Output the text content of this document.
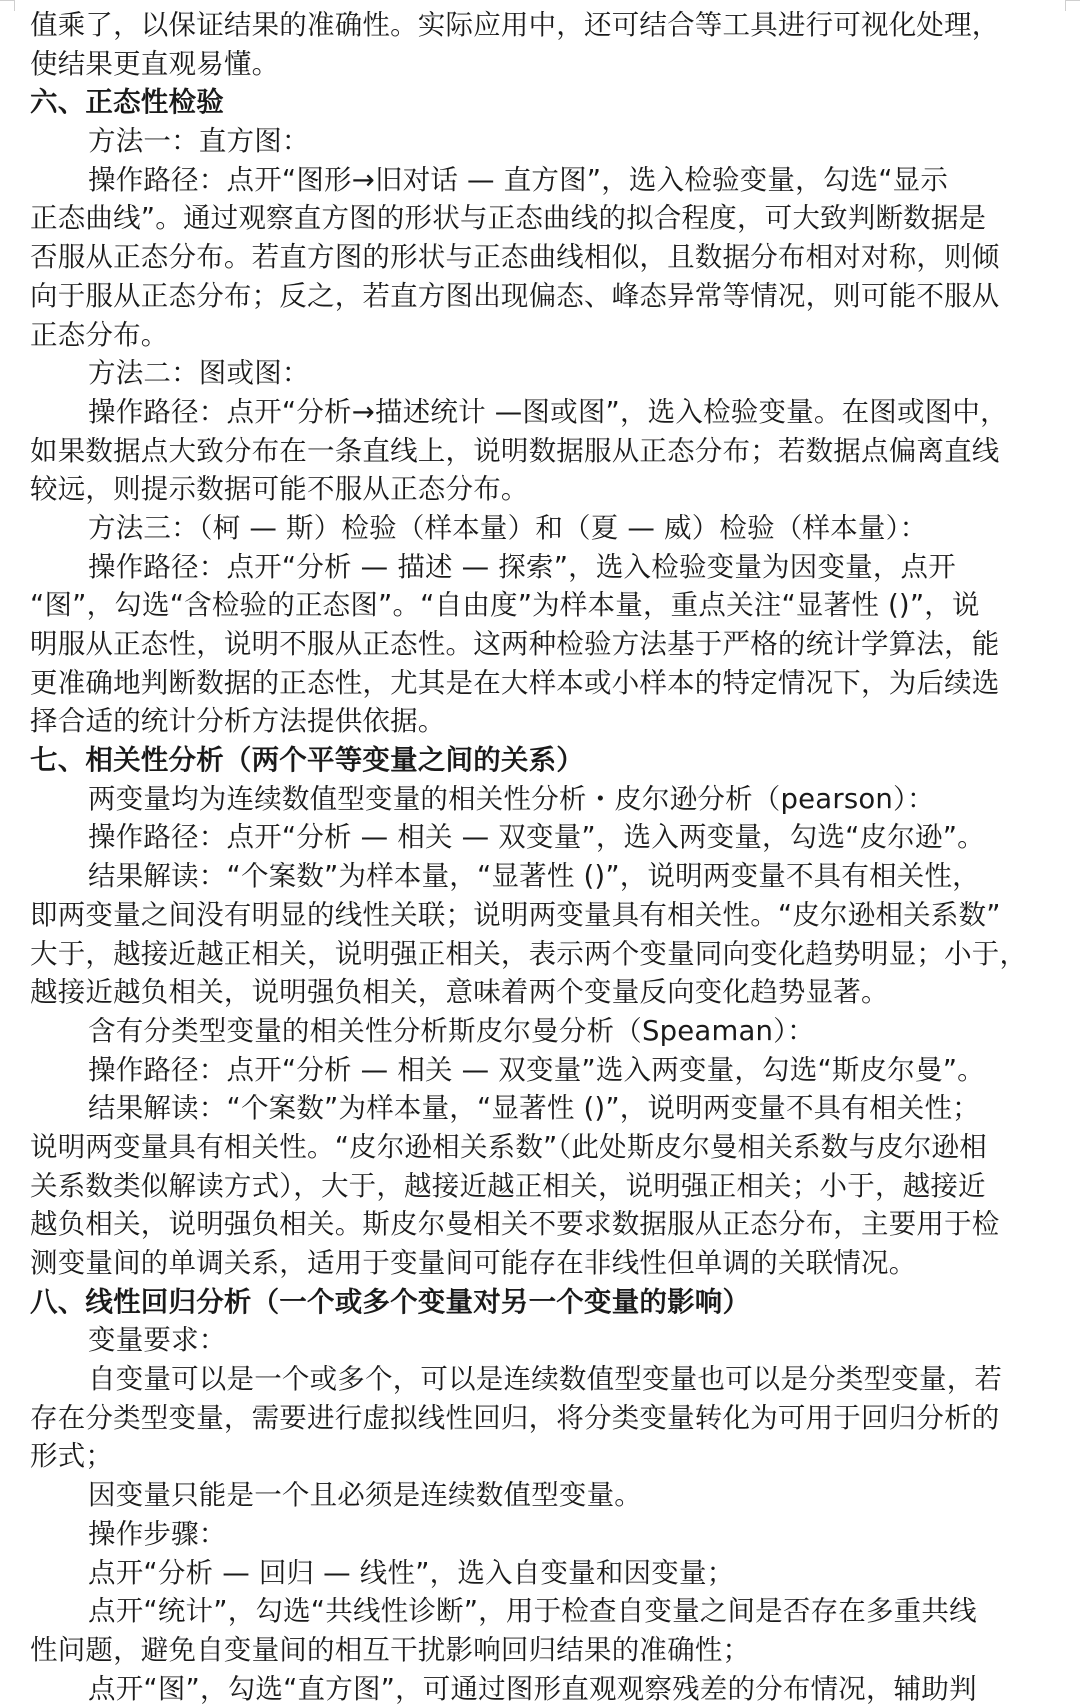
值乘了，以保证结果的准确性。实际应用中，还可结合等工具进行可视化处理，
使结果更直观易懂。
六、正态性检验
方法一：直方图：
操作路径：点开“图形→旧对话 — 直方图”，选入检验变量，勾选“显示
正态曲线”。通过观察直方图的形状与正态曲线的拟合程度，可大致判断数据是
否服从正态分布。若直方图的形状与正态曲线相似，且数据分布相对对称，则倾
向于服从正态分布；反之，若直方图出现偏态、峰态异常等情况，则可能不服从
正态分布。
方法二：图或图：
操作路径：点开“分析→描述统计 —图或图”，选入检验变量。在图或图中，
如果数据点大致分布在一条直线上，说明数据服从正态分布；若数据点偏离直线
较远，则提示数据可能不服从正态分布。
方法三：（柯 — 斯）检验（样本量）和（夏 — 威）检验（样本量）：
操作路径：点开“分析 — 描述 — 探索”，选入检验变量为因变量，点开
“图”，勾选“含检验的正态图”。“自由度”为样本量，重点关注“显著性 ()”，说
明服从正态性，说明不服从正态性。这两种检验方法基于严格的统计学算法，能
更准确地判断数据的正态性，尤其是在大样本或小样本的特定情况下，为后续选
择合适的统计分析方法提供依据。
七、相关性分析（两个平等变量之间的关系）
两变量均为连续数值型变量的相关性分析・皮尔逊分析（pearson）：
操作路径：点开“分析 — 相关 — 双变量”，选入两变量，勾选“皮尔逊”。
结果解读：“个案数”为样本量，“显著性 ()”，说明两变量不具有相关性，
即两变量之间没有明显的线性关联；说明两变量具有相关性。“皮尔逊相关系数”
大于，越接近越正相关，说明强正相关，表示两个变量同向变化趋势明显；小于，
越接近越负相关，说明强负相关，意味着两个变量反向变化趋势显著。
含有分类型变量的相关性分析斯皮尔曼分析（Speaman）：
操作路径：点开“分析 — 相关 — 双变量”选入两变量，勾选“斯皮尔曼”。
结果解读：“个案数”为样本量，“显著性 ()”，说明两变量不具有相关性；
说明两变量具有相关性。“皮尔逊相关系数”（此处斯皮尔曼相关系数与皮尔逊相
关系数类似解读方式），大于，越接近越正相关，说明强正相关；小于，越接近
越负相关，说明强负相关。斯皮尔曼相关不要求数据服从正态分布，主要用于检
测变量间的单调关系，适用于变量间可能存在非线性但单调的关联情况。
八、线性回归分析（一个或多个变量对另一个变量的影响）
变量要求：
自变量可以是一个或多个，可以是连续数值型变量也可以是分类型变量，若
存在分类型变量，需要进行虚拟线性回归，将分类变量转化为可用于回归分析的
形式；
因变量只能是一个且必须是连续数值型变量。
操作步骤：
点开“分析 — 回归 — 线性”，选入自变量和因变量；
点开“统计”，勾选“共线性诊断”，用于检查自变量之间是否存在多重共线
性问题，避免自变量间的相互干扰影响回归结果的准确性；
点开“图”，勾选“直方图”，可通过图形直观观察残差的分布情况，辅助判
